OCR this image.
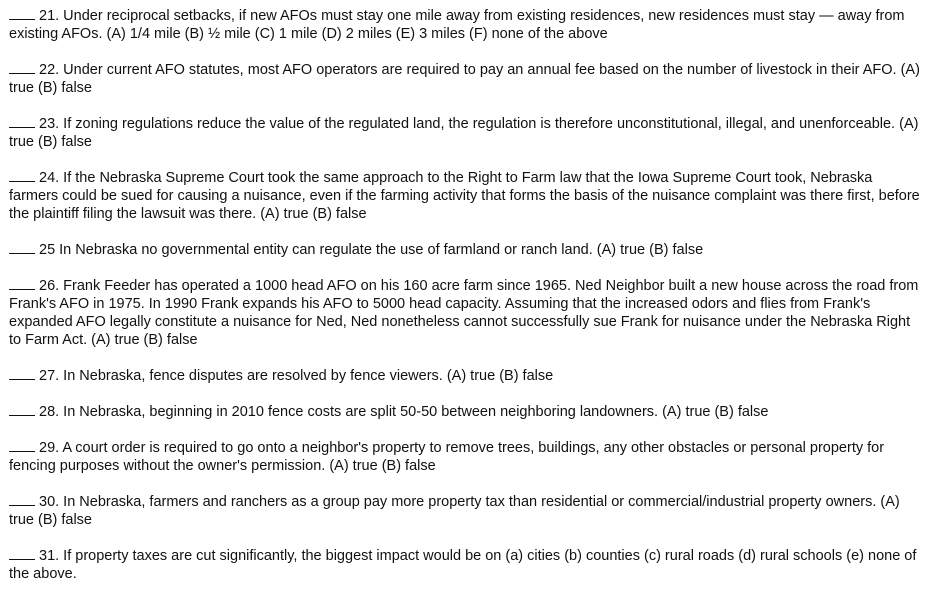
21. Under reciprocal setbacks, if new AFOs must stay one mile away from existing residences, new residences must stay — away from existing AFOs. (A) 1/4 mile (B) ½ mile (C) 1 mile (D) 2 miles (E) 3 miles (F) none of the above

22. Under current AFO statutes, most AFO operators are required to pay an annual fee based on the number of livestock in their AFO. (A) true (B) false

23. If zoning regulations reduce the value of the regulated land, the regulation is therefore unconstitutional, illegal, and unenforceable. (A) true (B) false

24. If the Nebraska Supreme Court took the same approach to the Right to Farm law that the Iowa Supreme Court took, Nebraska farmers could be sued for causing a nuisance, even if the farming activity that forms the basis of the nuisance complaint was there first, before the plaintiff filing the lawsuit was there. (A) true (B) false

25 In Nebraska no governmental entity can regulate the use of farmland or ranch land. (A) true (B) false

26. Frank Feeder has operated a 1000 head AFO on his 160 acre farm since 1965. Ned Neighbor built a new house across the road from Frank's AFO in 1975. In 1990 Frank expands his AFO to 5000 head capacity. Assuming that the increased odors and flies from Frank's expanded AFO legally constitute a nuisance for Ned, Ned nonetheless cannot successfully sue Frank for nuisance under the Nebraska Right to Farm Act. (A) true (B) false

27. In Nebraska, fence disputes are resolved by fence viewers. (A) true (B) false

28. In Nebraska, beginning in 2010 fence costs are split 50-50 between neighboring landowners. (A) true (B) false

29. A court order is required to go onto a neighbor's property to remove trees, buildings, any other obstacles or personal property for fencing purposes without the owner's permission. (A) true (B) false

30. In Nebraska, farmers and ranchers as a group pay more property tax than residential or commercial/industrial property owners. (A) true (B) false

31. If property taxes are cut significantly, the biggest impact would be on (a) cities (b) counties (c) rural roads (d) rural schools (e) none of the above.
